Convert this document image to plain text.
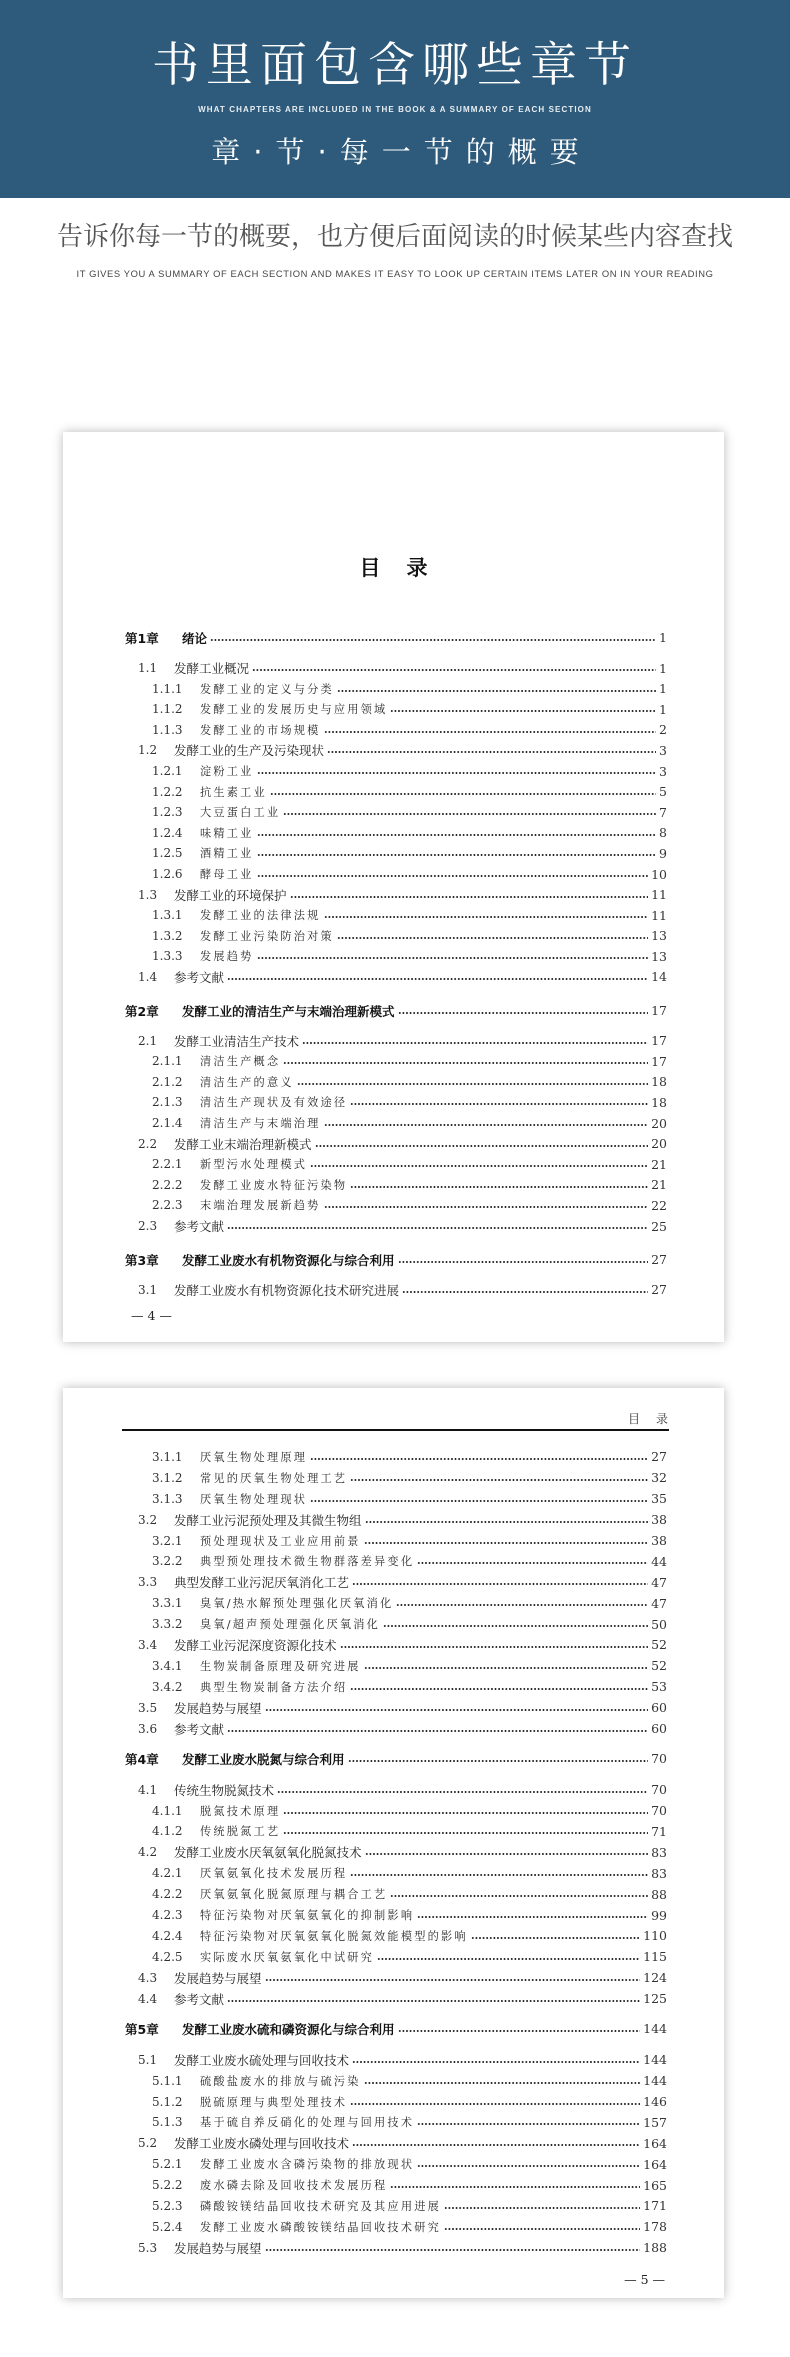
书里面包含哪些章节
WHAT CHAPTERS ARE INCLUDED IN THE BOOK & A SUMMARY OF EACH SECTION
章·节·每一节的概要
告诉你每一节的概要，也方便后面阅读的时候某些内容查找
IT GIVES YOU A SUMMARY OF EACH SECTION AND MAKES IT EASY TO LOOK UP CERTAIN ITEMS LATER ON IN YOUR READING
目录
第1章	绪论	1
1.1	发酵工业概况	1
1.1.1	发酵工业的定义与分类	1
1.1.2	发酵工业的发展历史与应用领域	1
1.1.3	发酵工业的市场规模	2
1.2	发酵工业的生产及污染现状	3
1.2.1	淀粉工业	3
1.2.2	抗生素工业	5
1.2.3	大豆蛋白工业	7
1.2.4	味精工业	8
1.2.5	酒精工业	9
1.2.6	酵母工业	10
1.3	发酵工业的环境保护	11
1.3.1	发酵工业的法律法规	11
1.3.2	发酵工业污染防治对策	13
1.3.3	发展趋势	13
1.4	参考文献	14
第2章	发酵工业的清洁生产与末端治理新模式	17
2.1	发酵工业清洁生产技术	17
2.1.1	清洁生产概念	17
2.1.2	清洁生产的意义	18
2.1.3	清洁生产现状及有效途径	18
2.1.4	清洁生产与末端治理	20
2.2	发酵工业末端治理新模式	20
2.2.1	新型污水处理模式	21
2.2.2	发酵工业废水特征污染物	21
2.2.3	末端治理发展新趋势	22
2.3	参考文献	25
第3章	发酵工业废水有机物资源化与综合利用	27
3.1	发酵工业废水有机物资源化技术研究进展	27
— 4 —
目录
3.1.1	厌氧生物处理原理	27
3.1.2	常见的厌氧生物处理工艺	32
3.1.3	厌氧生物处理现状	35
3.2	发酵工业污泥预处理及其微生物组	38
3.2.1	预处理现状及工业应用前景	38
3.2.2	典型预处理技术微生物群落差异变化	44
3.3	典型发酵工业污泥厌氧消化工艺	47
3.3.1	臭氧/热水解预处理强化厌氧消化	47
3.3.2	臭氧/超声预处理强化厌氧消化	50
3.4	发酵工业污泥深度资源化技术	52
3.4.1	生物炭制备原理及研究进展	52
3.4.2	典型生物炭制备方法介绍	53
3.5	发展趋势与展望	60
3.6	参考文献	60
第4章	发酵工业废水脱氮与综合利用	70
4.1	传统生物脱氮技术	70
4.1.1	脱氮技术原理	70
4.1.2	传统脱氮工艺	71
4.2	发酵工业废水厌氧氨氧化脱氮技术	83
4.2.1	厌氧氨氧化技术发展历程	83
4.2.2	厌氧氨氧化脱氮原理与耦合工艺	88
4.2.3	特征污染物对厌氧氨氧化的抑制影响	99
4.2.4	特征污染物对厌氧氨氧化脱氮效能模型的影响	110
4.2.5	实际废水厌氧氨氧化中试研究	115
4.3	发展趋势与展望	124
4.4	参考文献	125
第5章	发酵工业废水硫和磷资源化与综合利用	144
5.1	发酵工业废水硫处理与回收技术	144
5.1.1	硫酸盐废水的排放与硫污染	144
5.1.2	脱硫原理与典型处理技术	146
5.1.3	基于硫自养反硝化的处理与回用技术	157
5.2	发酵工业废水磷处理与回收技术	164
5.2.1	发酵工业废水含磷污染物的排放现状	164
5.2.2	废水磷去除及回收技术发展历程	165
5.2.3	磷酸铵镁结晶回收技术研究及其应用进展	171
5.2.4	发酵工业废水磷酸铵镁结晶回收技术研究	178
5.3	发展趋势与展望	188
— 5 —
